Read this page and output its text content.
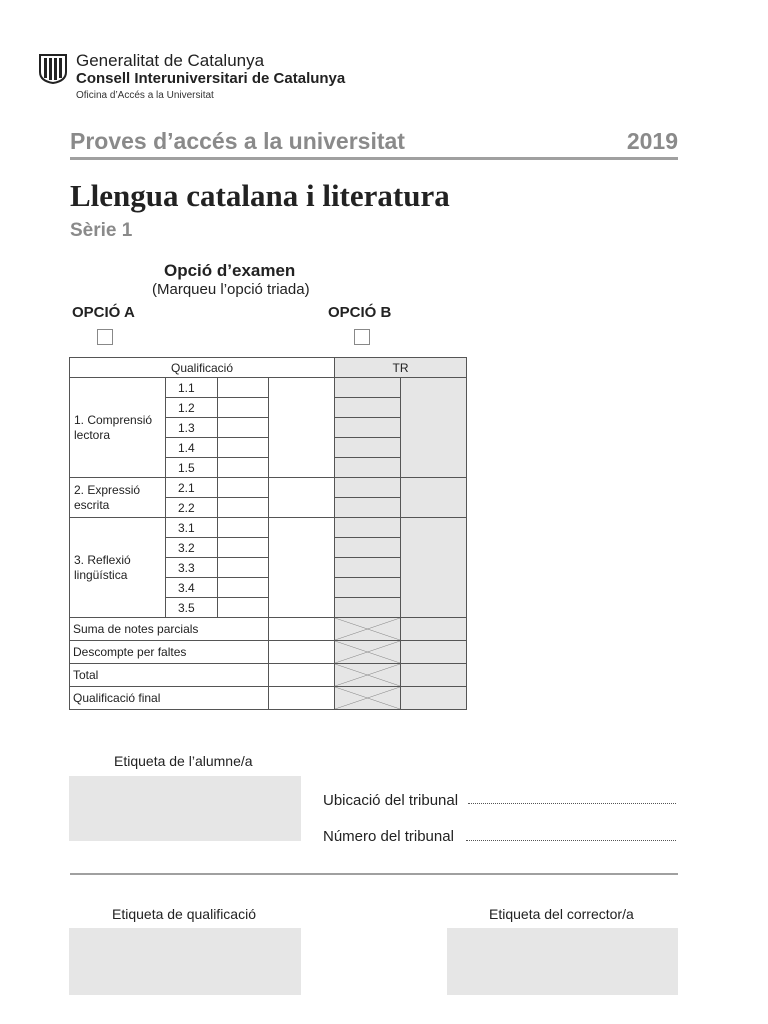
Generalitat de Catalunya
Consell Interuniversitari de Catalunya
Oficina d’Accés a la Universitat
Proves d’accés a la universitat	2019
Llengua catalana i literatura
Sèrie 1
Opció d’examen
(Marqueu l’opció triada)
OPCIÓ A	OPCIÓ B
Qualificació				TR	
1. Comprensió lectora	1.1				
	1.2				
	1.3				
	1.4				
	1.5				
2. Expressió escrita	2.1				
	2.2				
3. Reflexió lingüística	3.1				
	3.2				
	3.3				
	3.4				
	3.5				
Suma de notes parcials		

Descompte per faltes		

Total		

Qualificació final		

Etiqueta de l’alumne/a
Ubicació del tribunal
Número del tribunal
Etiqueta de qualificació	Etiqueta del corrector/a
